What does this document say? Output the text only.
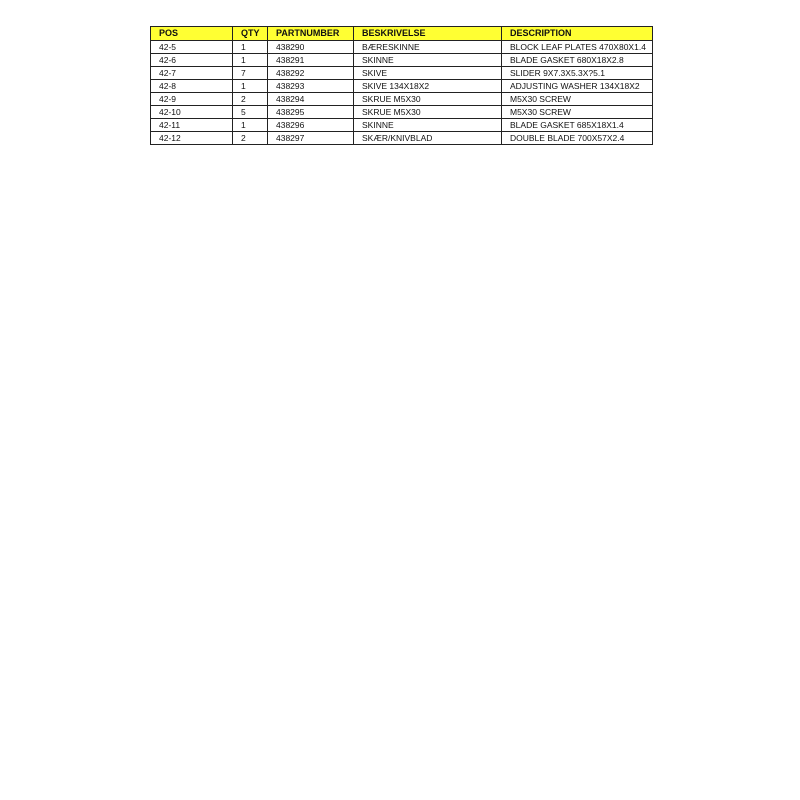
POS	QTY	PARTNUMBER	BESKRIVELSE	DESCRIPTION
42-5	1	438290	BÆRESKINNE	BLOCK LEAF PLATES 470X80X1.4
42-6	1	438291	SKINNE	BLADE GASKET 680X18X2.8
42-7	7	438292	SKIVE	SLIDER 9X7.3X5.3X?5.1
42-8	1	438293	SKIVE 134X18X2	ADJUSTING WASHER 134X18X2
42-9	2	438294	SKRUE M5X30	M5X30 SCREW
42-10	5	438295	SKRUE M5X30	M5X30 SCREW
42-11	1	438296	SKINNE	BLADE GASKET 685X18X1.4
42-12	2	438297	SKÆR/KNIVBLAD	DOUBLE BLADE 700X57X2.4
